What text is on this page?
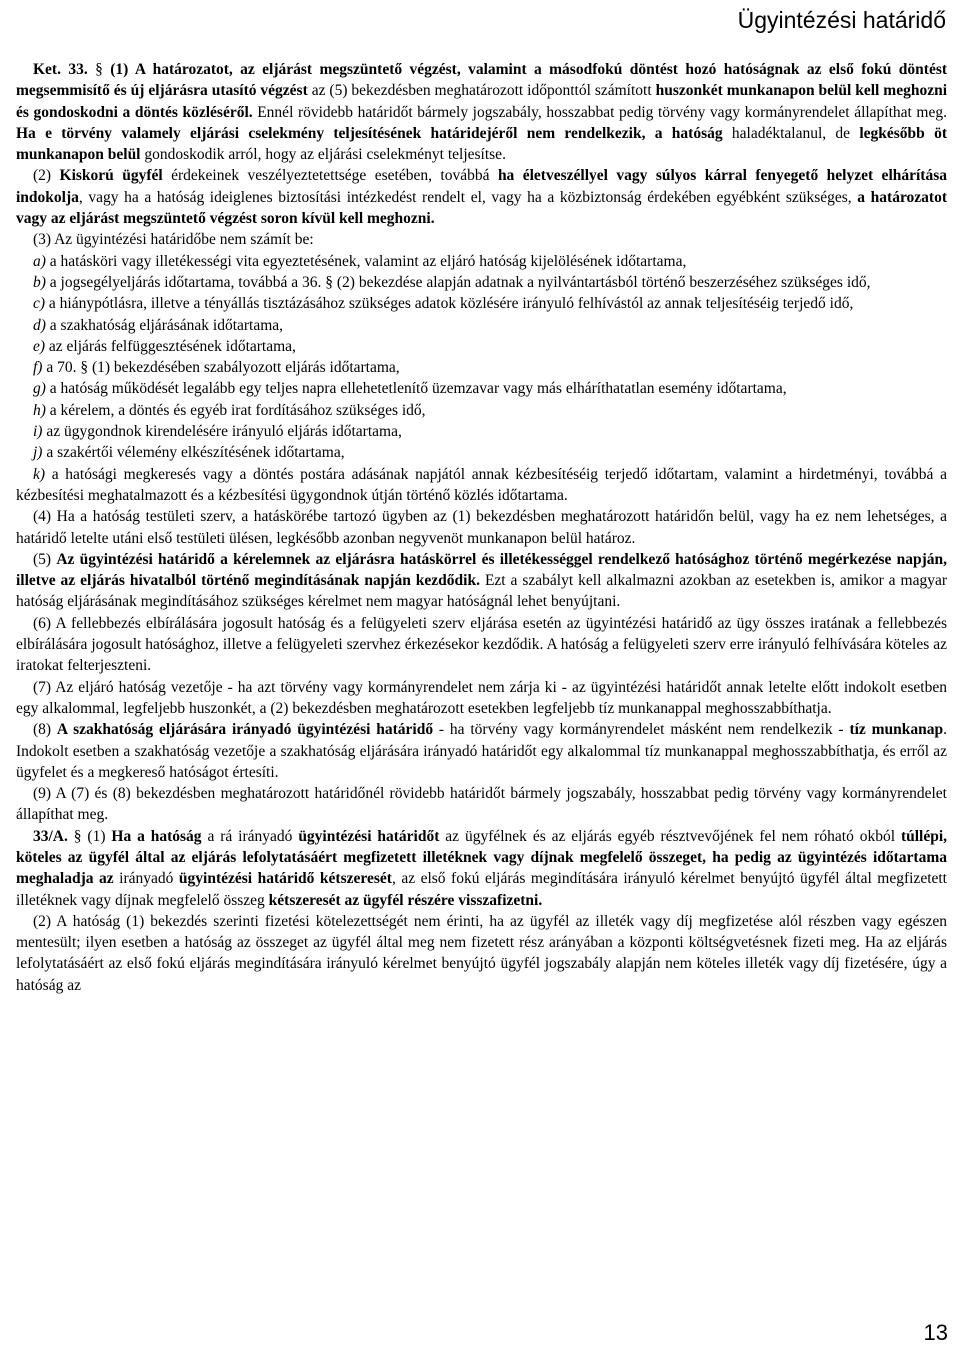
Ügyintézési határidő

Ket. 33. § (1) A határozatot, az eljárást megszüntető végzést, valamint a másodfokú döntést hozó hatóságnak az első fokú döntést megsemmisítő és új eljárásra utasító végzést az (5) bekezdésben meghatározott időponttól számított huszonkét munkanapon belül kell meghozni és gondoskodni a döntés közléséről. Ennél rövidebb határidőt bármely jogszabály, hosszabbat pedig törvény vagy kormányrendelet állapíthat meg. Ha e törvény valamely eljárási cselekmény teljesítésének határidejéről nem rendelkezik, a hatóság haladéktalanul, de legkésőbb öt munkanapon belül gondoskodik arról, hogy az eljárási cselekményt teljesítse.

(2) Kiskorú ügyfél érdekeinek veszélyeztetettsége esetében, továbbá ha életveszéllyel vagy súlyos kárral fenyegető helyzet elhárítása indokolja, vagy ha a hatóság ideiglenes biztosítási intézkedést rendelt el, vagy ha a közbiztonság érdekében egyébként szükséges, a határozatot vagy az eljárást megszüntető végzést soron kívül kell meghozni.

(3) Az ügyintézési határidőbe nem számít be:

a) a hatásköri vagy illetékességi vita egyeztetésének, valamint az eljáró hatóság kijelölésének időtartama,

b) a jogsegélyeljárás időtartama, továbbá a 36. § (2) bekezdése alapján adatnak a nyilvántartásból történő beszerzéséhez szükséges idő,

c) a hiánypótlásra, illetve a tényállás tisztázásához szükséges adatok közlésére irányuló felhívástól az annak teljesítéséig terjedő idő,

d) a szakhatóság eljárásának időtartama,

e) az eljárás felfüggesztésének időtartama,

f) a 70. § (1) bekezdésében szabályozott eljárás időtartama,

g) a hatóság működését legalább egy teljes napra ellehetetlenítő üzemzavar vagy más elháríthatatlan esemény időtartama,

h) a kérelem, a döntés és egyéb irat fordításához szükséges idő,

i) az ügygondnok kirendelésére irányuló eljárás időtartama,

j) a szakértői vélemény elkészítésének időtartama,

k) a hatósági megkeresés vagy a döntés postára adásának napjától annak kézbesítéséig terjedő időtartam, valamint a hirdetményi, továbbá a kézbesítési meghatalmazott és a kézbesítési ügygondnok útján történő közlés időtartama.

(4) Ha a hatóság testületi szerv, a hatáskörébe tartozó ügyben az (1) bekezdésben meghatározott határidőn belül, vagy ha ez nem lehetséges, a határidő letelte utáni első testületi ülésen, legkésőbb azonban negyvenöt munkanapon belül határoz.

(5) Az ügyintézési határidő a kérelemnek az eljárásra hatáskörrel és illetékességgel rendelkező hatósághoz történő megérkezése napján, illetve az eljárás hivatalból történő megindításának napján kezdődik. Ezt a szabályt kell alkalmazni azokban az esetekben is, amikor a magyar hatóság eljárásának megindításához szükséges kérelmet nem magyar hatóságnál lehet benyújtani.

(6) A fellebbezés elbírálására jogosult hatóság és a felügyeleti szerv eljárása esetén az ügyintézési határidő az ügy összes iratának a fellebbezés elbírálására jogosult hatósághoz, illetve a felügyeleti szervhez érkezésekor kezdődik. A hatóság a felügyeleti szerv erre irányuló felhívására köteles az iratokat felterjeszteni.

(7) Az eljáró hatóság vezetője - ha azt törvény vagy kormányrendelet nem zárja ki - az ügyintézési határidőt annak letelte előtt indokolt esetben egy alkalommal, legfeljebb huszonkét, a (2) bekezdésben meghatározott esetekben legfeljebb tíz munkanappal meghosszabbíthatja.

(8) A szakhatóság eljárására irányadó ügyintézési határidő - ha törvény vagy kormányrendelet másként nem rendelkezik - tíz munkanap. Indokolt esetben a szakhatóság vezetője a szakhatóság eljárására irányadó határidőt egy alkalommal tíz munkanappal meghosszabbíthatja, és erről az ügyfelet és a megkereső hatóságot értesíti.

(9) A (7) és (8) bekezdésben meghatározott határidőnél rövidebb határidőt bármely jogszabály, hosszabbat pedig törvény vagy kormányrendelet állapíthat meg.

33/A. § (1) Ha a hatóság a rá irányadó ügyintézési határidőt az ügyfélnek és az eljárás egyéb résztvevőjének fel nem róható okból túllépi, köteles az ügyfél által az eljárás lefolytatásáért megfizetett illetéknek vagy díjnak megfelelő összeget, ha pedig az ügyintézés időtartama meghaladja az irányadó ügyintézési határidő kétszeresét, az első fokú eljárás megindítására irányuló kérelmet benyújtó ügyfél által megfizetett illetéknek vagy díjnak megfelelő összeg kétszeresét az ügyfél részére visszafizetni.

(2) A hatóság (1) bekezdés szerinti fizetési kötelezettségét nem érinti, ha az ügyfél az illeték vagy díj megfizetése alól részben vagy egészen mentesült; ilyen esetben a hatóság az összeget az ügyfél által meg nem fizetett rész arányában a központi költségvetésnek fizeti meg. Ha az eljárás lefolytatásáért az első fokú eljárás megindítására irányuló kérelmet benyújtó ügyfél jogszabály alapján nem köteles illeték vagy díj fizetésére, úgy a hatóság az

13
